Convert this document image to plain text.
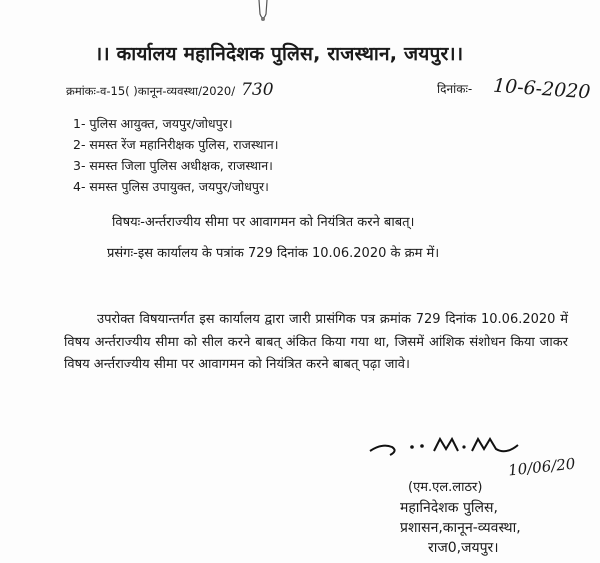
।। कार्यालय महानिदेशक पुलिस, राजस्थान, जयपुर।।
क्रमांकः-व-15( )कानून-व्यवस्था/2020/ 730	दिनांकः- 10-6-2020
1- पुलिस आयुक्त, जयपुर/जोधपुर।
2- समस्त रेंज महानिरीक्षक पुलिस, राजस्थान।
3- समस्त जिला पुलिस अधीक्षक, राजस्थान।
4- समस्त पुलिस उपायुक्त, जयपुर/जोधपुर।
विषयः-अर्न्तराज्यीय सीमा पर आवागमन को नियंत्रित करने बाबत्।
प्रसंगः-इस कार्यालय के पत्रांक 729 दिनांक 10.06.2020 के क्रम में।
उपरोक्त विषयान्तर्गत इस कार्यालय द्वारा जारी प्रासंगिक पत्र क्रमांक 729 दिनांक 10.06.2020 में विषय अर्न्तराज्यीय सीमा को सील करने बाबत् अंकित किया गया था, जिसमें आंशिक संशोधन किया जाकर विषय अर्न्तराज्यीय सीमा पर आवागमन को नियंत्रित करने बाबत् पढ़ा जावे।
10/06/20
(एम.एल.लाठर)
महानिदेशक पुलिस,
प्रशासन,कानून-व्यवस्था,
राज0,जयपुर।
